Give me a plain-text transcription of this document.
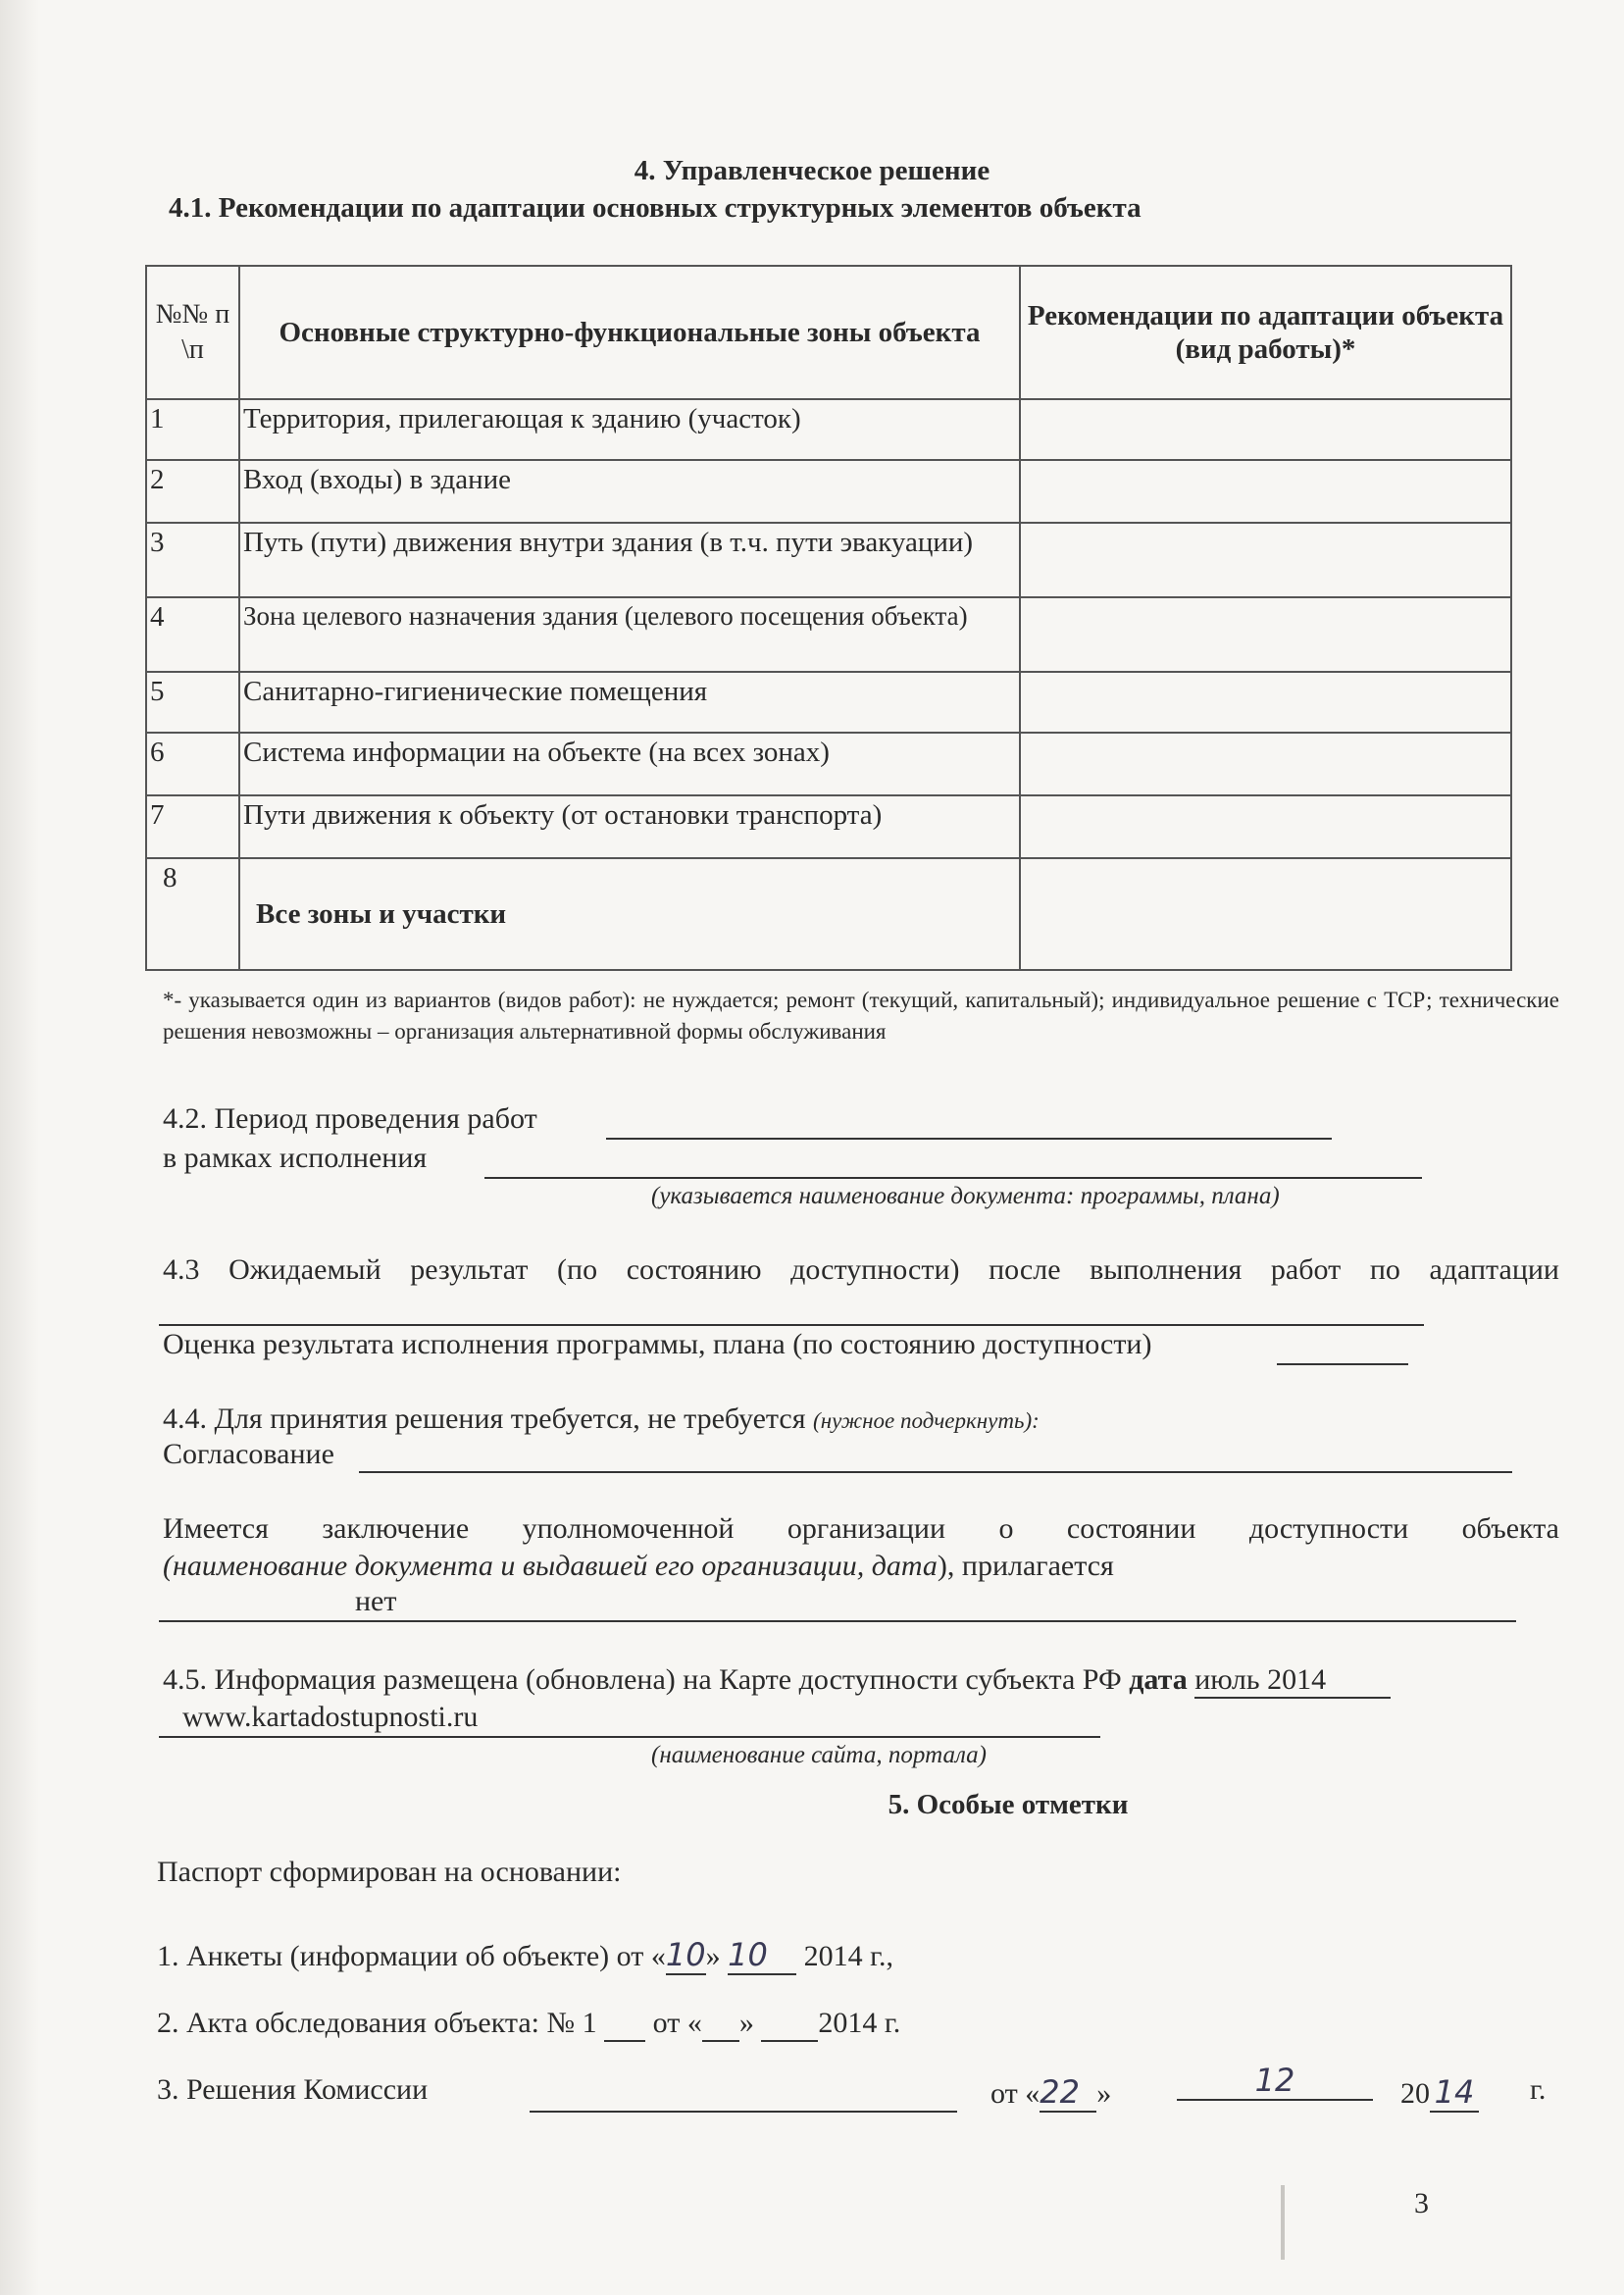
4. Управленческое решение
4.1. Рекомендации по адаптации основных структурных элементов объекта
№№ п \п	Основные структурно-функциональные зоны объекта	Рекомендации по адаптации объекта (вид работы)*
1	Территория, прилегающая к зданию (участок)	
2	Вход (входы) в здание	
3	Путь (пути) движения внутри здания (в т.ч. пути эвакуации)	
4	Зона целевого назначения здания (целевого посещения объекта)	
5	Санитарно-гигиенические помещения	
6	Система информации на объекте (на всех зонах)	
7	Пути движения к объекту (от остановки транспорта)	
8	Все зоны и участки	
*- указывается один из вариантов (видов работ): не нуждается; ремонт (текущий, капитальный); индивидуальное решение с ТСР; технические решения невозможны – организация альтернативной формы обслуживания
4.2. Период проведения работ
в рамках исполнения
(указывается наименование документа: программы, плана)
4.3 Ожидаемый результат (по состоянию доступности) после выполнения работ по адаптации
Оценка результата исполнения программы, плана (по состоянию доступности)
4.4. Для принятия решения требуется, не требуется (нужное подчеркнуть):
Согласование
Имеется заключение уполномоченной организации о состоянии доступности объекта
(наименование документа и выдавшей его организации, дата), прилагается
нет
4.5. Информация размещена (обновлена) на Карте доступности субъекта РФ дата июль 2014
www.kartadostupnosti.ru
(наименование сайта, портала)
5. Особые отметки
Паспорт сформирован на основании:
1. Анкеты (информации об объекте) от «10» 10 2014 г.,
2. Акта обследования объекта: № 1 от « » 2014 г.
3. Решения Комиссии	от «22 »	12	20 14 г.
3
